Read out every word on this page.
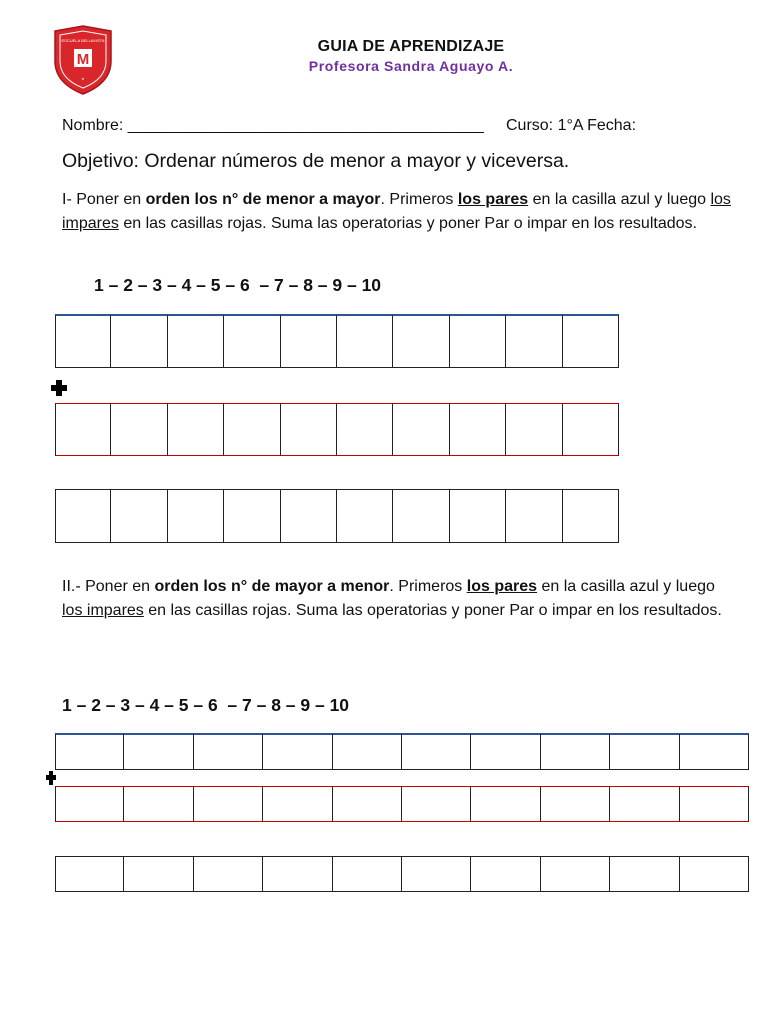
ESCUELA BELLAVISTA
M
★
GUIA DE APRENDIZAJE
Profesora Sandra Aguayo A.
Nombre: ________________________________________ Curso: 1°A Fecha:
Objetivo: Ordenar números de menor a mayor y viceversa.
I- Poner en orden los n° de menor a mayor. Primeros los pares en la casilla azul y luego los impares en las casillas rojas. Suma las operatorias y poner Par o impar en los resultados.
1 – 2 – 3 – 4 – 5 – 6  – 7 – 8 – 9 – 10
II.- Poner en orden los n° de mayor a menor. Primeros los pares en la casilla azul y luego los impares en las casillas rojas. Suma las operatorias y poner Par o impar en los resultados.
1 – 2 – 3 – 4 – 5 – 6  – 7 – 8 – 9 – 10
